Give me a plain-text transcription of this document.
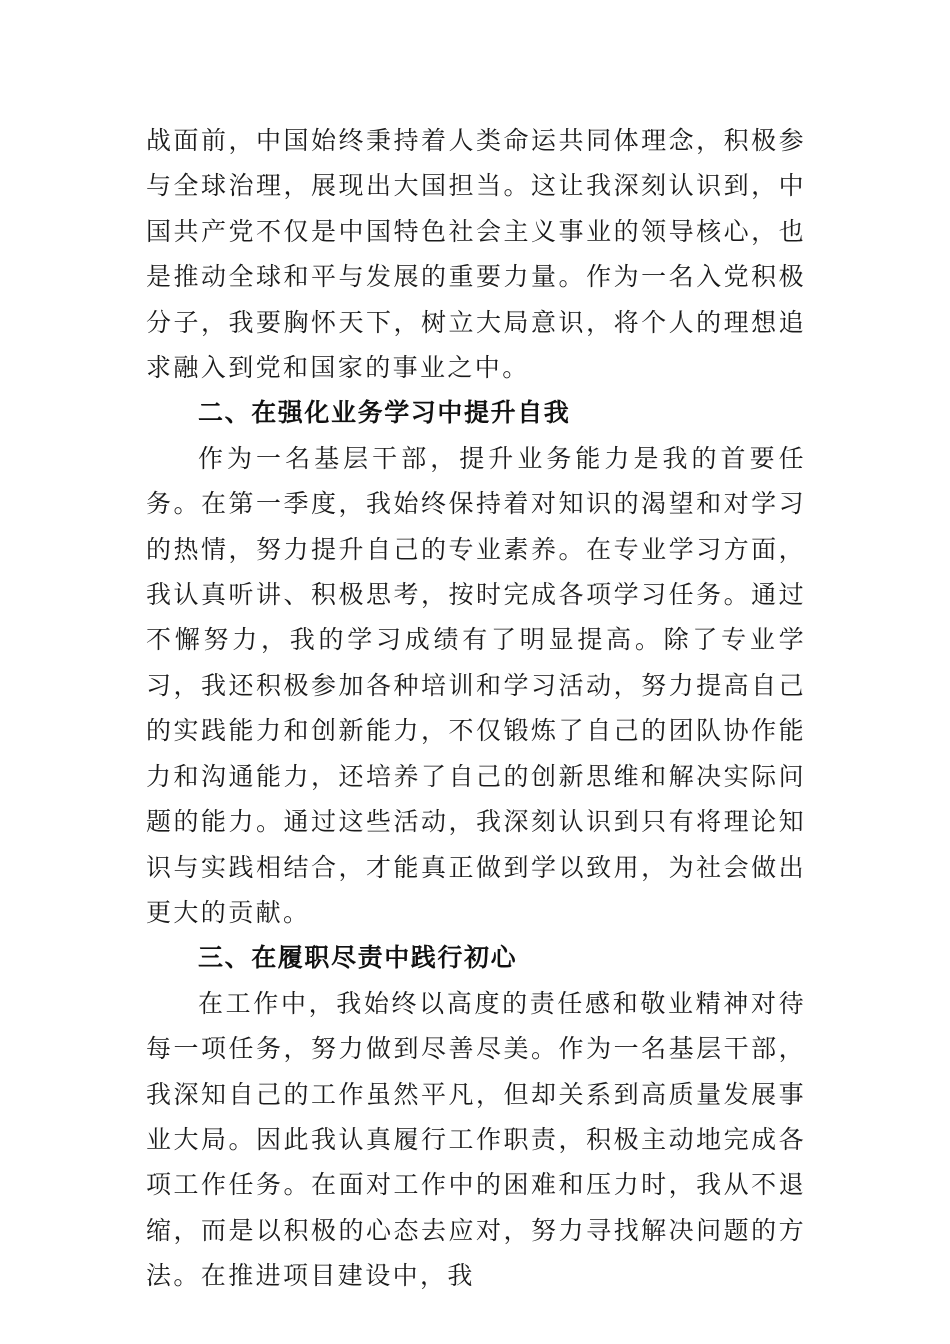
战面前，中国始终秉持着人类命运共同体理念，积极参与全球治理，展现出大国担当。这让我深刻认识到，中国共产党不仅是中国特色社会主义事业的领导核心，也是推动全球和平与发展的重要力量。作为一名入党积极分子，我要胸怀天下，树立大局意识，将个人的理想追求融入到党和国家的事业之中。

二、在强化业务学习中提升自我

作为一名基层干部，提升业务能力是我的首要任务。在第一季度，我始终保持着对知识的渴望和对学习的热情，努力提升自己的专业素养。在专业学习方面，我认真听讲、积极思考，按时完成各项学习任务。通过不懈努力，我的学习成绩有了明显提高。除了专业学习，我还积极参加各种培训和学习活动，努力提高自己的实践能力和创新能力，不仅锻炼了自己的团队协作能力和沟通能力，还培养了自己的创新思维和解决实际问题的能力。通过这些活动，我深刻认识到只有将理论知识与实践相结合，才能真正做到学以致用，为社会做出更大的贡献。

三、在履职尽责中践行初心

在工作中，我始终以高度的责任感和敬业精神对待每一项任务，努力做到尽善尽美。作为一名基层干部，我深知自己的工作虽然平凡，但却关系到高质量发展事业大局。因此我认真履行工作职责，积极主动地完成各项工作任务。在面对工作中的困难和压力时，我从不退缩，而是以积极的心态去应对，努力寻找解决问题的方法。在推进项目建设中，我
